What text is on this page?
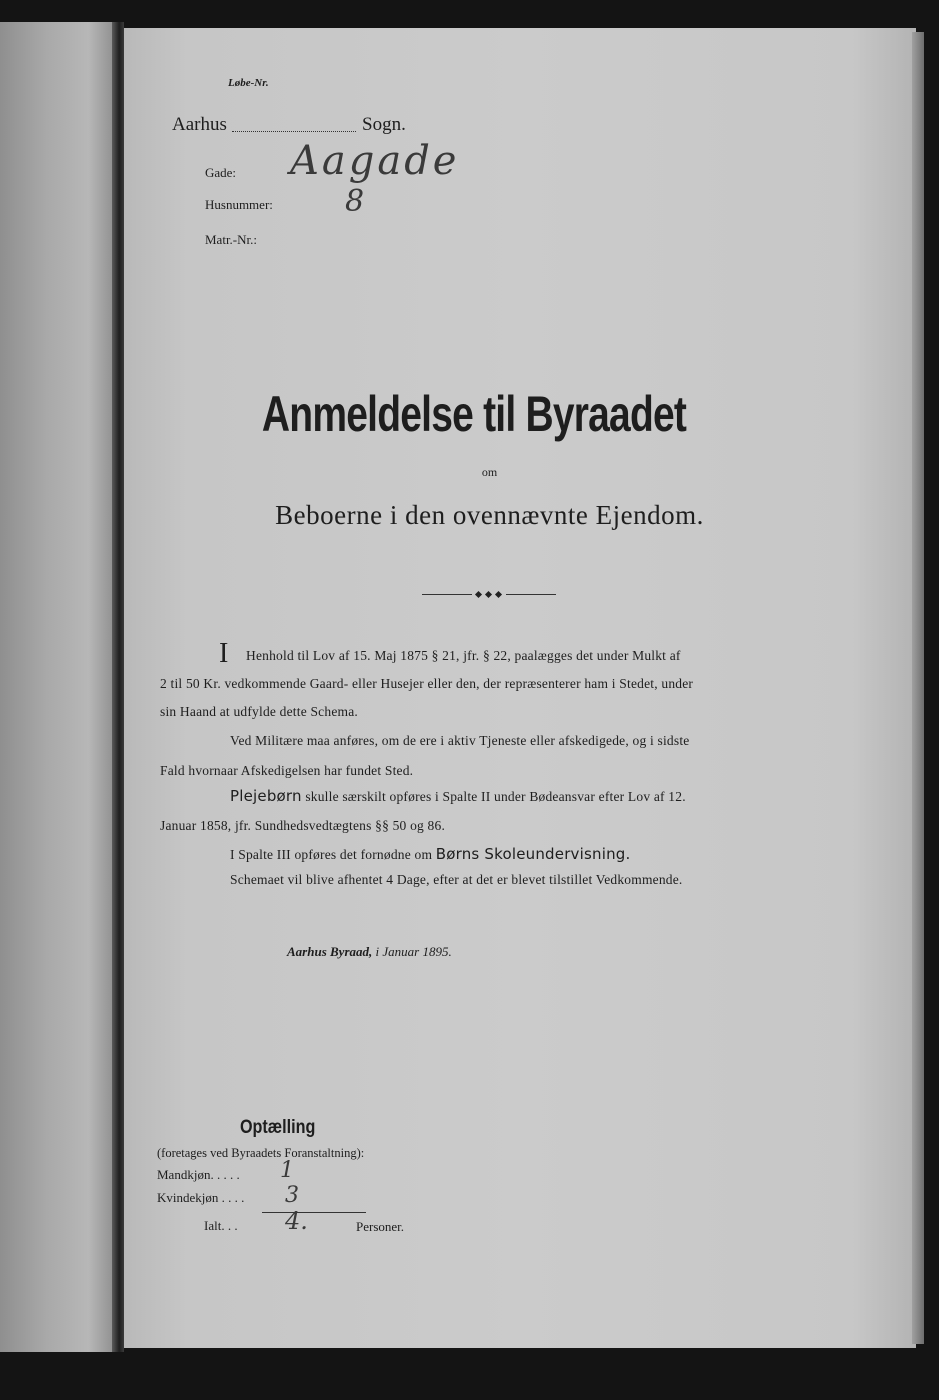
Løbe-Nr.
Aarhus	Sogn.
Gade: Aagade
Husnummer: 8
Matr.-Nr.:
Anmeldelse til Byraadet
om
Beboerne i den ovennævnte Ejendom.
I Henhold til Lov af 15. Maj 1875 § 21, jfr. § 22, paalægges det under Mulkt af
2 til 50 Kr. vedkommende Gaard- eller Husejer eller den, der repræsenterer ham i Stedet, under
sin Haand at udfylde dette Schema.
Ved Militære maa anføres, om de ere i aktiv Tjeneste eller afskedigede, og i sidste
Fald hvornaar Afskedigelsen har fundet Sted.
Plejebørn skulle særskilt opføres i Spalte II under Bødeansvar efter Lov af 12.
Januar 1858, jfr. Sundhedsvedtægtens §§ 50 og 86.
I Spalte III opføres det fornødne om Børns Skoleundervisning.
Schemaet vil blive afhentet 4 Dage, efter at det er blevet tilstillet Vedkommende.
Aarhus Byraad, i Januar 1895.
Optælling
(foretages ved Byraadets Foranstaltning):
Mandkjøn. . . . . 1
Kvindekjøn . . . . 3
Ialt. . . 4.	Personer.
